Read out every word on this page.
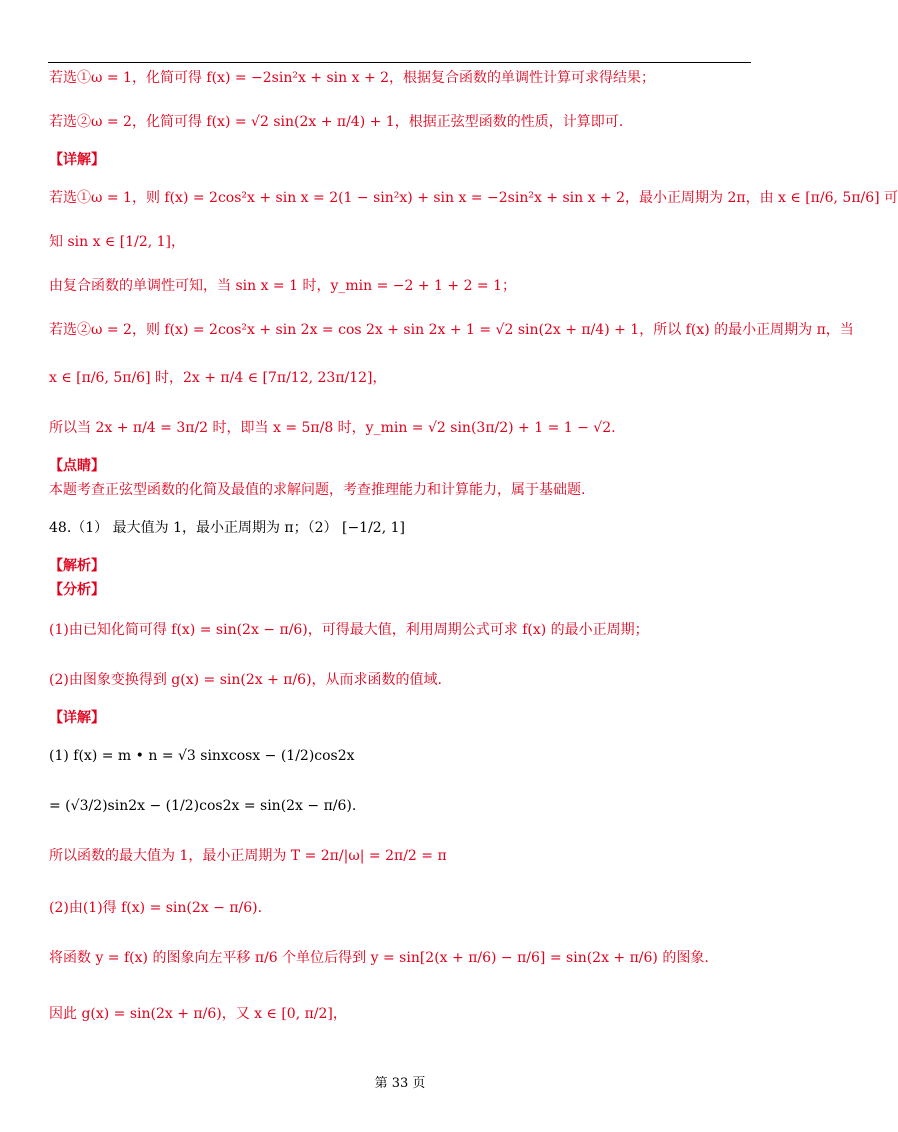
若选①ω = 1，化简可得 f(x) = −2sin²x + sin x + 2，根据复合函数的单调性计算可求得结果；
若选②ω = 2，化简可得 f(x) = √2 sin(2x + π/4) + 1，根据正弦型函数的性质，计算即可.
【详解】
若选①ω = 1，则 f(x) = 2cos²x + sin x = 2(1 − sin²x) + sin x = −2sin²x + sin x + 2，最小正周期为 2π，由 x ∈ [π/6, 5π/6] 可
知 sin x ∈ [1/2, 1]，
由复合函数的单调性可知，当 sin x = 1 时，y_min = −2 + 1 + 2 = 1；
若选②ω = 2，则 f(x) = 2cos²x + sin 2x = cos 2x + sin 2x + 1 = √2 sin(2x + π/4) + 1，所以 f(x) 的最小正周期为 π，当
x ∈ [π/6, 5π/6] 时，2x + π/4 ∈ [7π/12, 23π/12]，
所以当 2x + π/4 = 3π/2 时，即当 x = 5π/8 时，y_min = √2 sin(3π/2) + 1 = 1 − √2.
【点睛】
本题考查正弦型函数的化简及最值的求解问题，考查推理能力和计算能力，属于基础题.
48.（1） 最大值为 1，最小正周期为 π；（2） [−1/2, 1]
【解析】
【分析】
(1)由已知化简可得 f(x) = sin(2x − π/6)，可得最大值，利用周期公式可求 f(x) 的最小正周期；
(2)由图象变换得到 g(x) = sin(2x + π/6)，从而求函数的值域.
【详解】
(1) f(x) = m • n = √3 sinxcosx − (1/2)cos2x
= (√3/2)sin2x − (1/2)cos2x = sin(2x − π/6).
所以函数的最大值为 1，最小正周期为 T = 2π/|ω| = 2π/2 = π
(2)由(1)得 f(x) = sin(2x − π/6).
将函数 y = f(x) 的图象向左平移 π/6 个单位后得到 y = sin[2(x + π/6) − π/6] = sin(2x + π/6) 的图象.
因此 g(x) = sin(2x + π/6)，又 x ∈ [0, π/2]，
第 33 页
